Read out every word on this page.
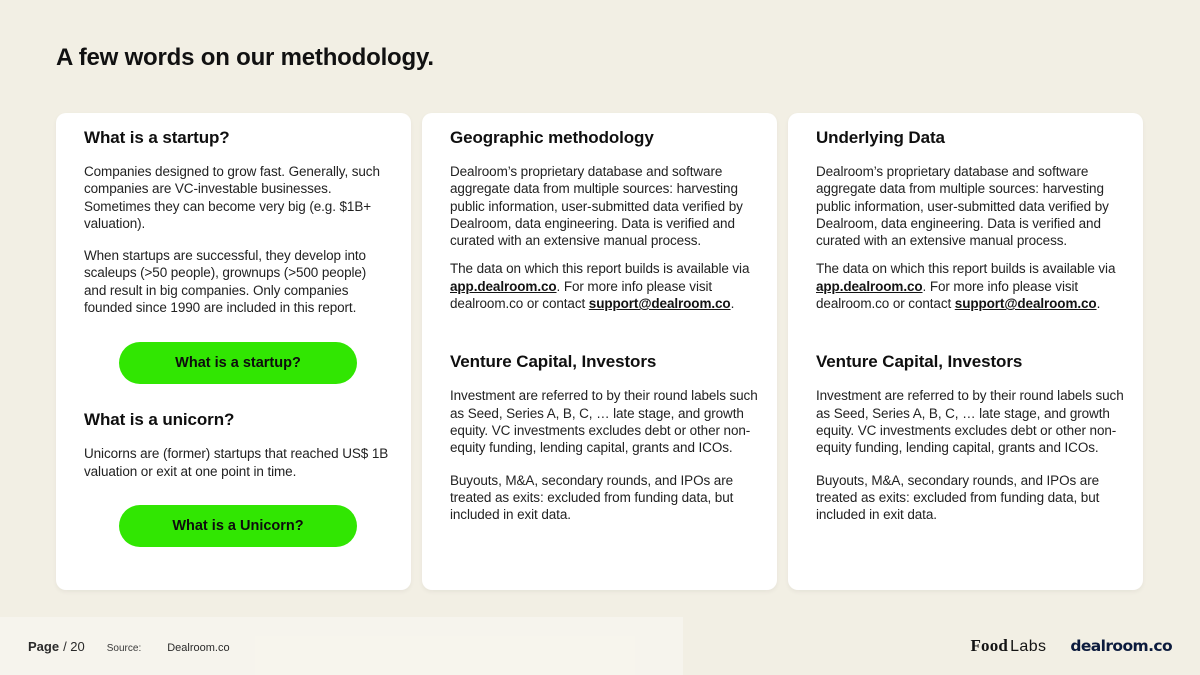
A few words on our methodology.
What is a startup?

Companies designed to grow fast. Generally, such companies are VC-investable businesses. Sometimes they can become very big (e.g. $1B+ valuation).

When startups are successful, they develop into scaleups (>50 people), grownups (>500 people) and result in big companies. Only companies founded since 1990 are included in this report.

What is a startup?
What is a unicorn?

Unicorns are (former) startups that reached US$ 1B valuation or exit at one point in time.

What is a Unicorn?
Geographic methodology

Dealroom’s proprietary database and software aggregate data from multiple sources: harvesting public information, user-submitted data verified by Dealroom, data engineering. Data is verified and curated with an extensive manual process.

The data on which this report builds is available via app.dealroom.co. For more info please visit dealroom.co or contact support@dealroom.co.

Venture Capital, Investors

Investment are referred to by their round labels such as Seed, Series A, B, C, … late stage, and growth equity. VC investments excludes debt or other non-equity funding, lending capital, grants and ICOs.

Buyouts, M&A, secondary rounds, and IPOs are treated as exits: excluded from funding data, but included in exit data.

Underlying Data

Dealroom’s proprietary database and software aggregate data from multiple sources: harvesting public information, user-submitted data verified by Dealroom, data engineering. Data is verified and curated with an extensive manual process.

The data on which this report builds is available via app.dealroom.co. For more info please visit dealroom.co or contact support@dealroom.co.

Venture Capital, Investors

Investment are referred to by their round labels such as Seed, Series A, B, C, … late stage, and growth equity. VC investments excludes debt or other non-equity funding, lending capital, grants and ICOs.

Buyouts, M&A, secondary rounds, and IPOs are treated as exits: excluded from funding data, but included in exit data.

Page / 20 Source: Dealroom.co	Food Labs dealroom.co
